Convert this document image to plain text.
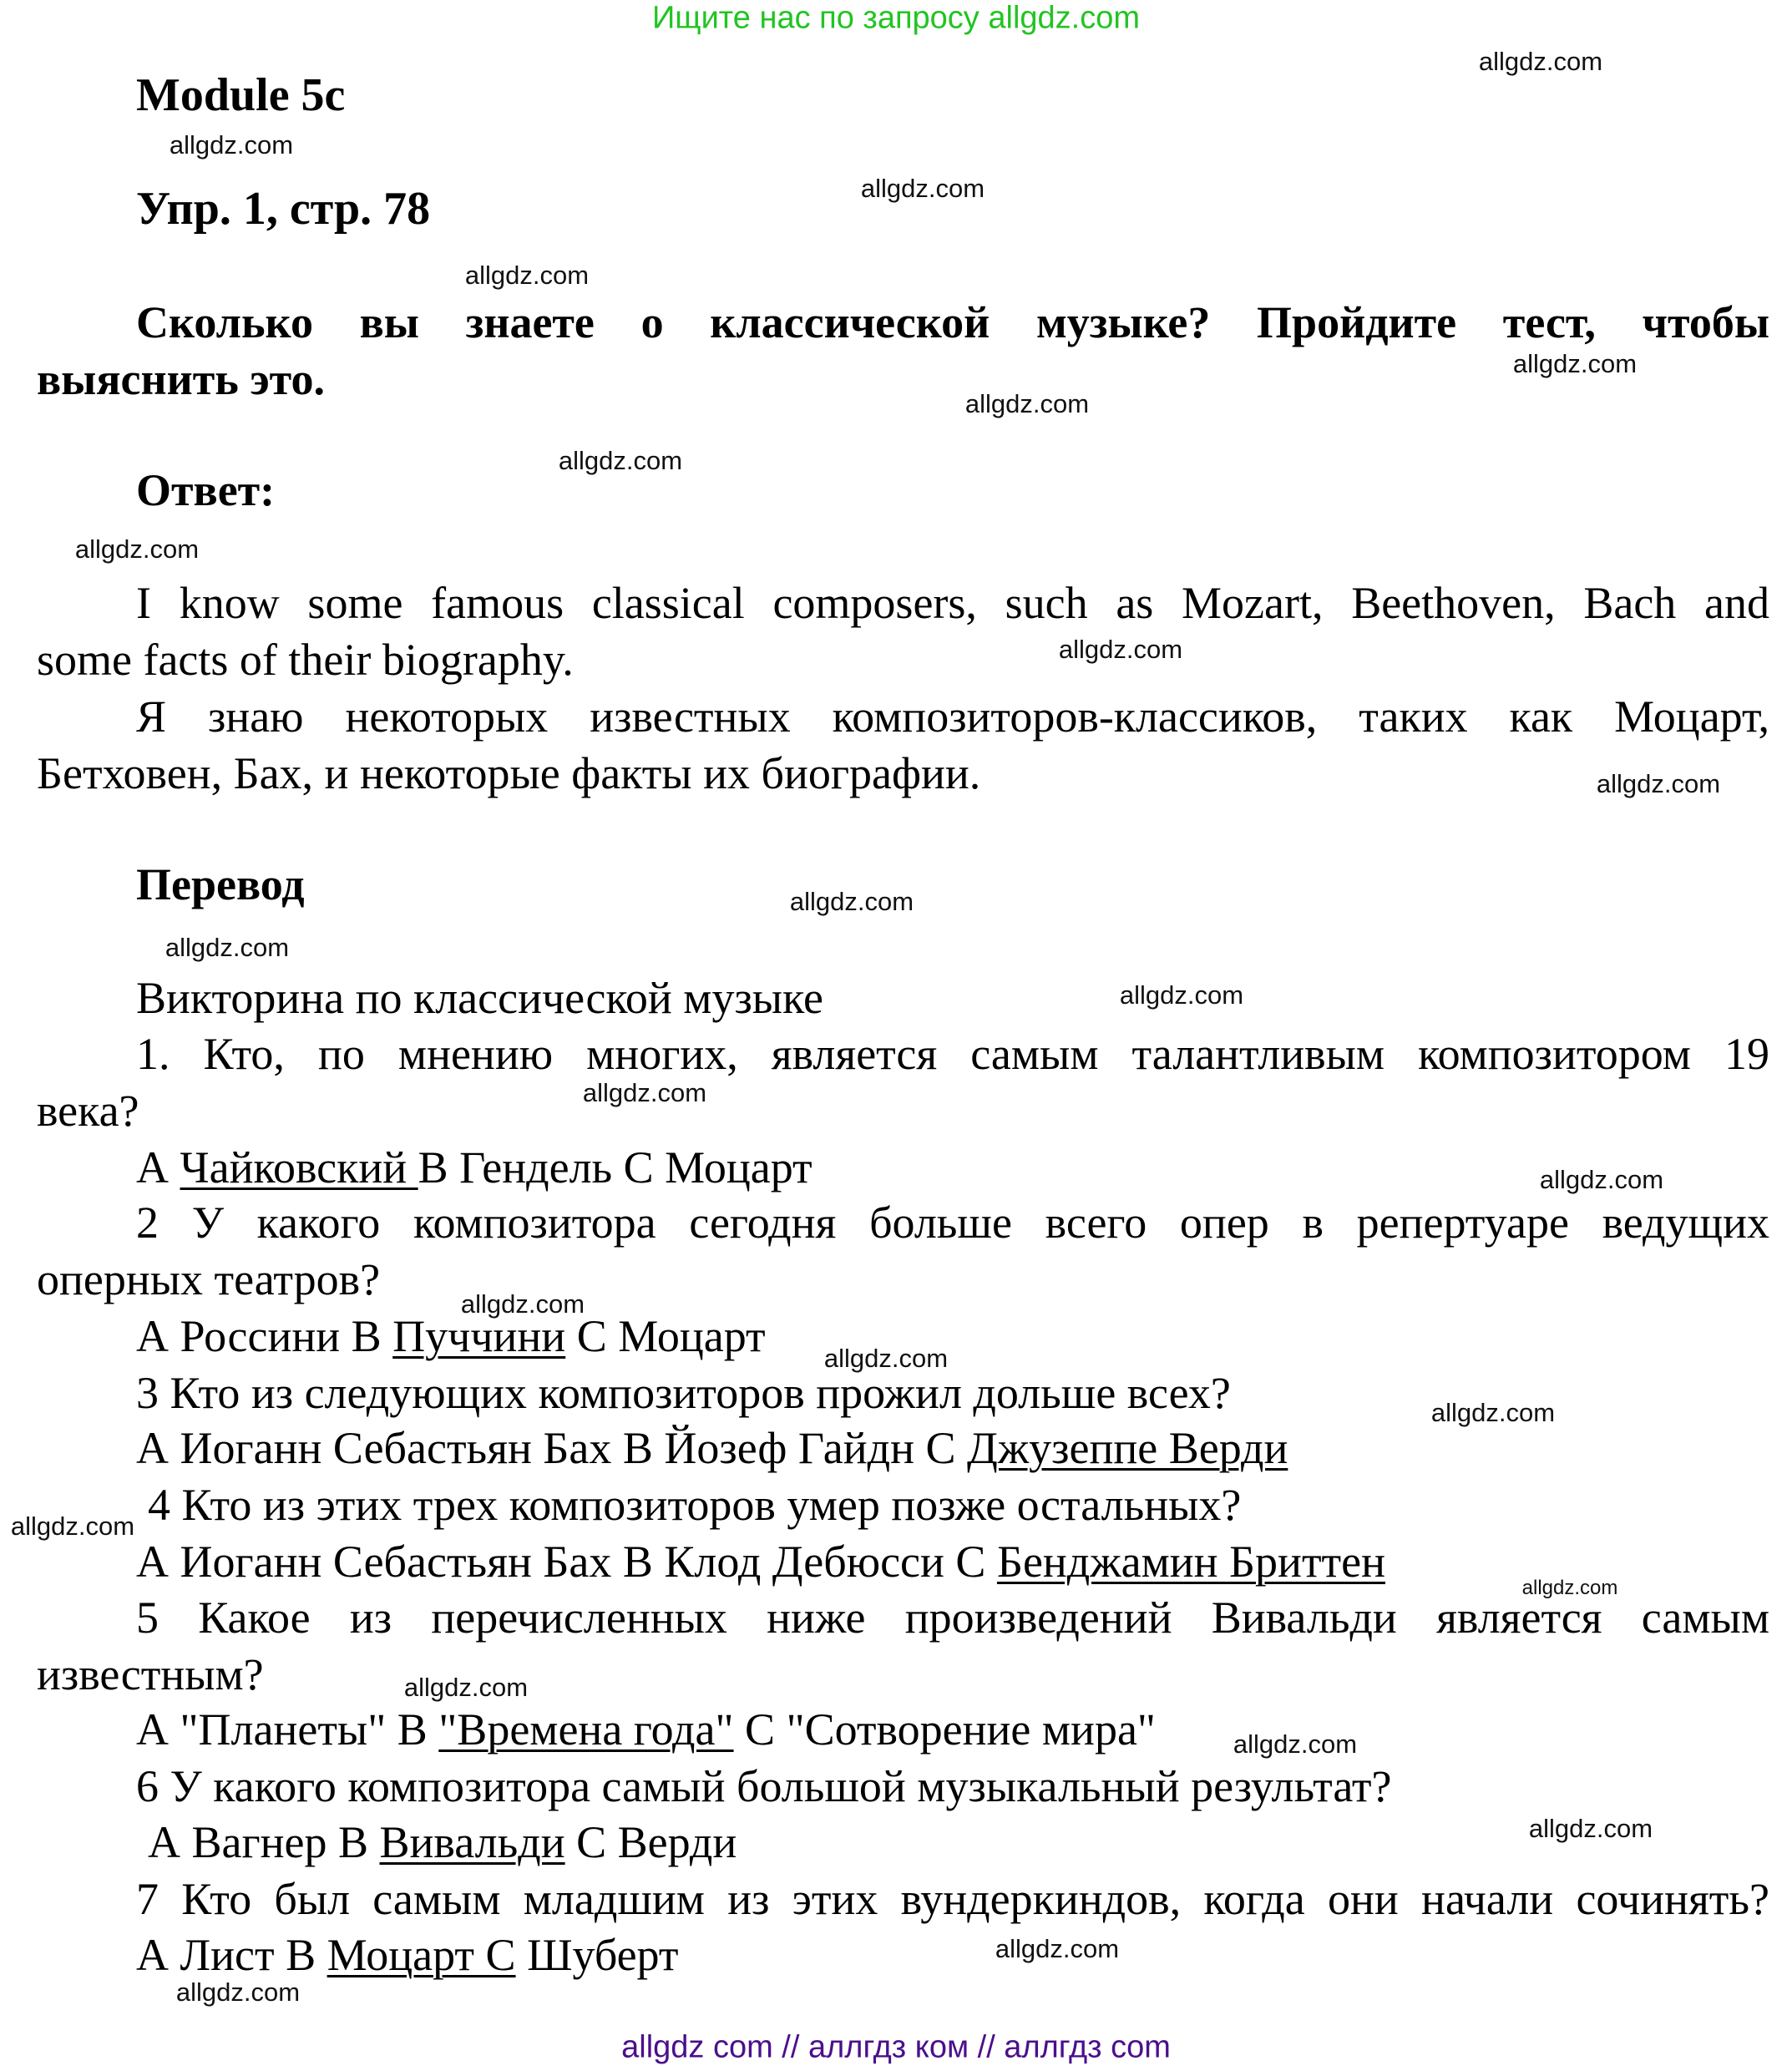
Ищите нас по запросу allgdz.com
Module 5c
Упр. 1, стр. 78
Сколько вы знаете о классической музыке? Пройдите тест, чтобы
выяснить это.
Ответ:
I know some famous classical composers, such as Mozart, Beethoven, Bach and
some facts of their biography.
Я знаю некоторых известных композиторов-классиков, таких как Моцарт,
Бетховен, Бах, и некоторые факты их биографии.
Перевод
Викторина по классической музыке
1. Кто, по мнению многих, является самым талантливым композитором 19
века?
А Чайковский В Гендель С Моцарт
2 У какого композитора сегодня больше всего опер в репертуаре ведущих
оперных театров?
А Россини В Пуччини С Моцарт
3 Кто из следующих композиторов прожил дольше всех?
А Иоганн Себастьян Бах В Йозеф Гайдн С Джузеппе Верди
4 Кто из этих трех композиторов умер позже остальных?
А Иоганн Себастьян Бах В Клод Дебюсси С Бенджамин Бриттен
5 Какое из перечисленных ниже произведений Вивальди является самым
известным?
А "Планеты" В "Времена года" С "Сотворение мира"
6 У какого композитора самый большой музыкальный результат?
А Вагнер В Вивальди С Верди
7 Кто был самым младшим из этих вундеркиндов, когда они начали сочинять?
А Лист В Моцарт С Шуберт
allgdz.com
allgdz.com
allgdz.com
allgdz.com
allgdz.com
allgdz.com
allgdz.com
allgdz.com
allgdz.com
allgdz.com
allgdz.com
allgdz.com
allgdz.com
allgdz.com
allgdz.com
allgdz.com
allgdz.com
allgdz.com
allgdz.com
allgdz.com
allgdz.com
allgdz.com
allgdz.com
allgdz.com
allgdz.com
allgdz com // аллгдз ком // аллгдз com
